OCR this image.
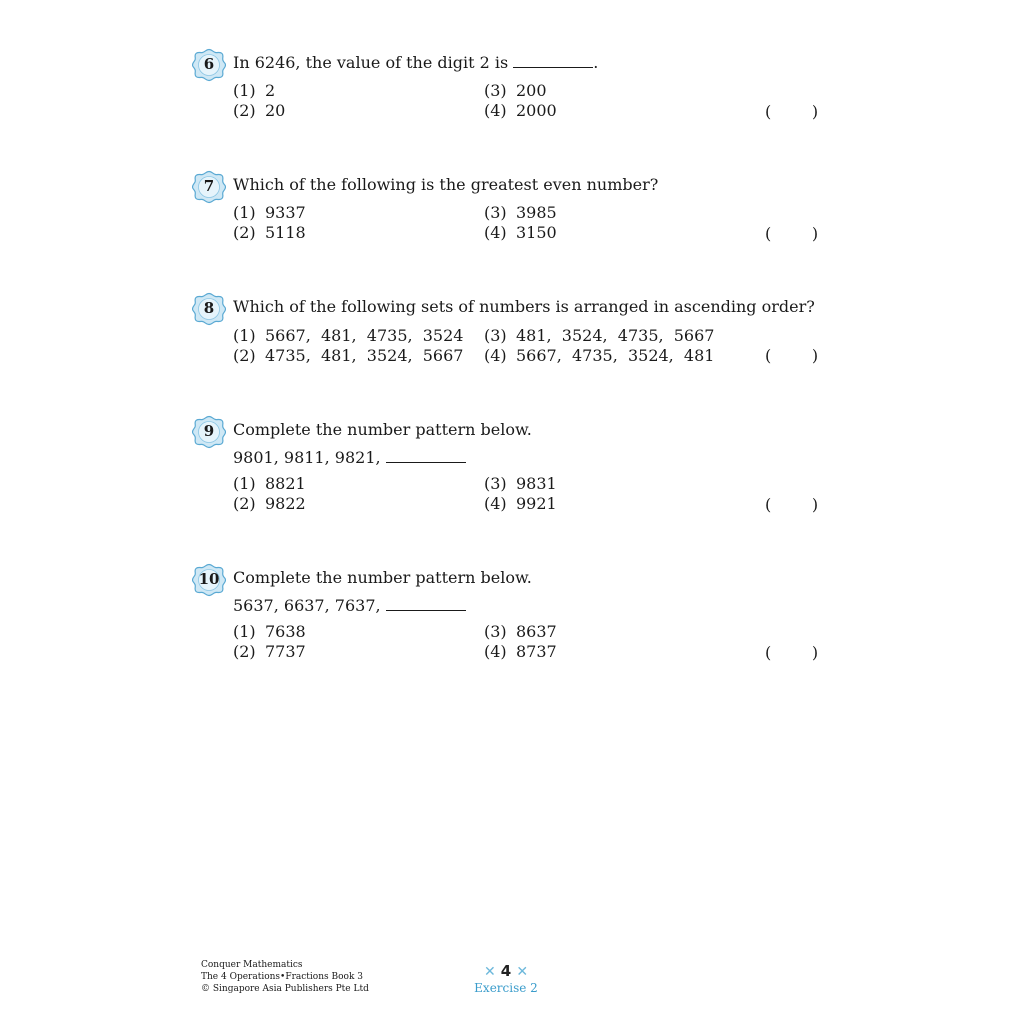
6	In 6246, the value of the digit 2 is	.
(1) 2
(2) 20
(3) 200
(4) 2000	(        )
7	Which of the following is the greatest even number?
(1) 9337
(2) 5118
(3) 3985
(4) 3150	(        )
8	Which of the following sets of numbers is arranged in ascending order?
(1) 5667,  481,  4735,  3524
(2) 4735,  481,  3524,  5667
(3) 481,  3524,  4735,  5667
(4) 5667,  4735,  3524,  481	(        )
9	Complete the number pattern below.
9801, 9811, 9821,
(1) 8821
(2) 9822
(3) 9831
(4) 9921	(        )
10 Complete the number pattern below.
5637, 6637, 7637,
(1) 7638
(2) 7737
(3) 8637
(4) 8737	(        )
Conquer Mathematics
The 4 Operations•Fractions Book 3
© Singapore Asia Publishers Pte Ltd
✕ 4 ✕
Exercise 2
